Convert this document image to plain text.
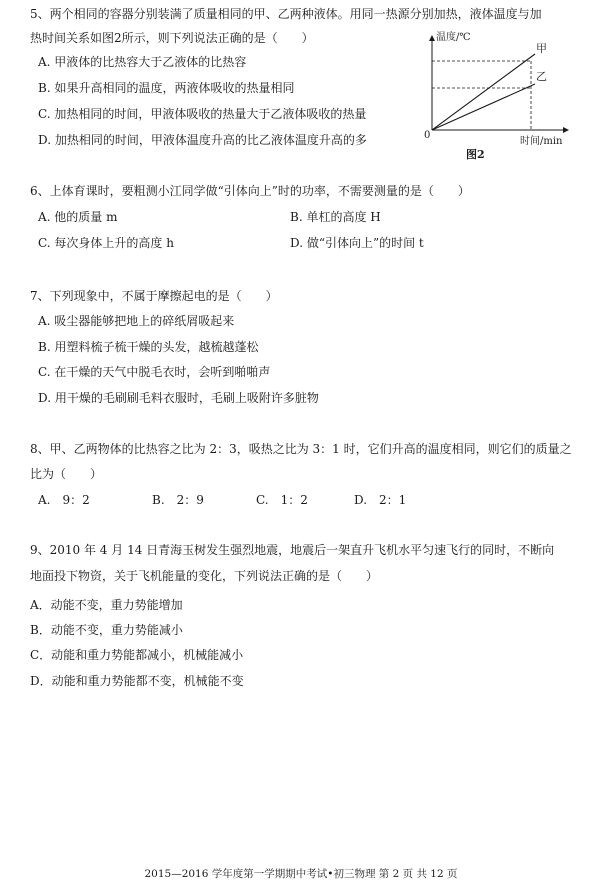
5、两个相同的容器分别装满了质量相同的甲、乙两种液体。用同一热源分别加热，液体温度与加
热时间关系如图2所示，则下列说法正确的是（　　）
A. 甲液体的比热容大于乙液体的比热容
B. 如果升高相同的温度，两液体吸收的热量相同
C. 加热相同的时间，甲液体吸收的热量大于乙液体吸收的热量
D. 加热相同的时间，甲液体温度升高的比乙液体温度升高的多
温度/℃
时间/min
0
甲
乙
图2
6、上体育课时，要粗测小江同学做“引体向上”时的功率，不需要测量的是（　　）
A. 他的质量 m	B. 单杠的高度 H
C. 每次身体上升的高度 h	D. 做“引体向上”的时间 t
7、下列现象中，不属于摩擦起电的是（　　）
A. 吸尘器能够把地上的碎纸屑吸起来
B. 用塑料梳子梳干燥的头发，越梳越蓬松
C. 在干燥的天气中脱毛衣时，会听到啪啪声
D. 用干燥的毛刷刷毛料衣服时，毛刷上吸附许多脏物
8、甲、乙两物体的比热容之比为 2：3，吸热之比为 3：1 时，它们升高的温度相同，则它们的质量之
比为（　　）
A.　9：2	B.　2：9	C.　1：2	D.　2：1
9、2010 年 4 月 14 日青海玉树发生强烈地震，地震后一架直升飞机水平匀速飞行的同时，不断向
地面投下物资，关于飞机能量的变化，下列说法正确的是（　　）
A．动能不变，重力势能增加
B．动能不变，重力势能减小
C．动能和重力势能都减小，机械能减小
D．动能和重力势能都不变，机械能不变
2015—2016 学年度第一学期期中考试•初三物理 第 2 页 共 12 页
